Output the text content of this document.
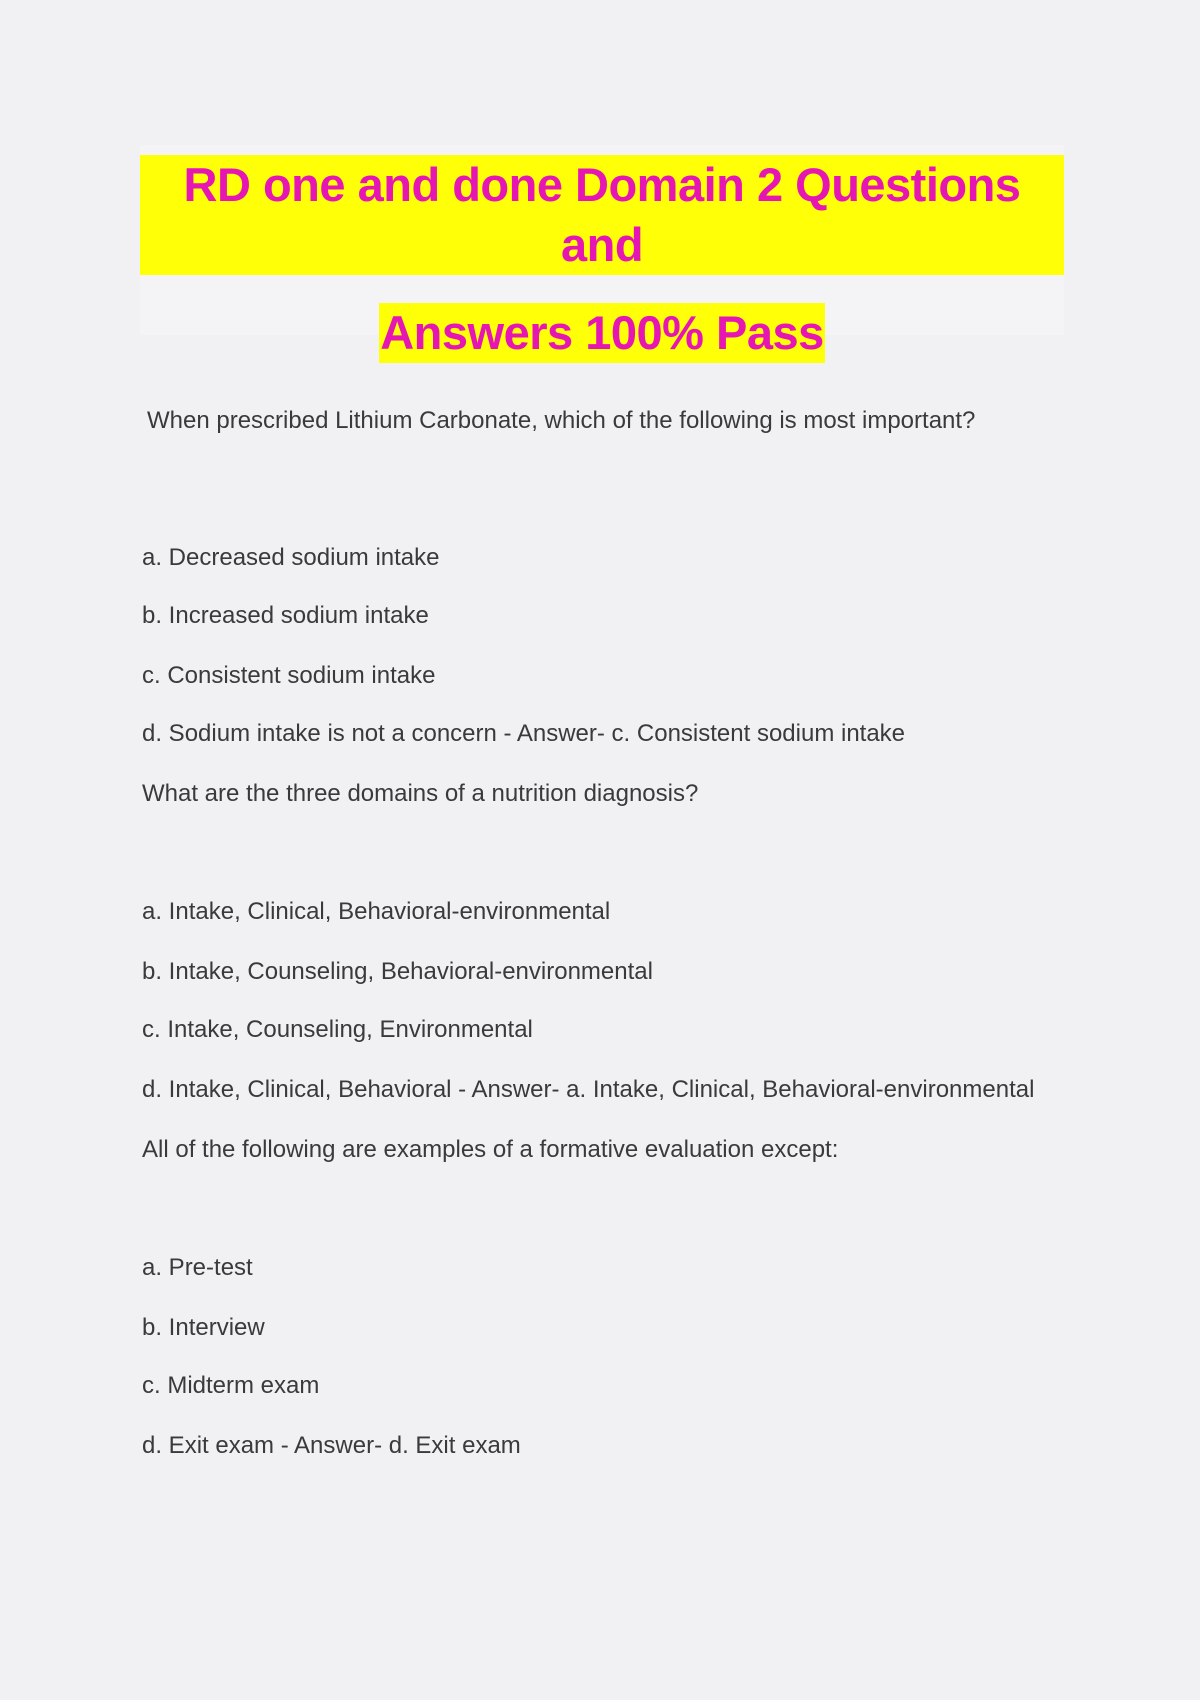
RD one and done Domain 2 Questions and
Answers 100% Pass
When prescribed Lithium Carbonate, which of the following is most important?
a. Decreased sodium intake
b. Increased sodium intake
c. Consistent sodium intake
d. Sodium intake is not a concern - Answer- c. Consistent sodium intake
What are the three domains of a nutrition diagnosis?
a. Intake, Clinical, Behavioral-environmental
b. Intake, Counseling, Behavioral-environmental
c. Intake, Counseling, Environmental
d. Intake, Clinical, Behavioral - Answer- a. Intake, Clinical, Behavioral-environmental
All of the following are examples of a formative evaluation except:
a. Pre-test
b. Interview
c. Midterm exam
d. Exit exam - Answer- d. Exit exam
